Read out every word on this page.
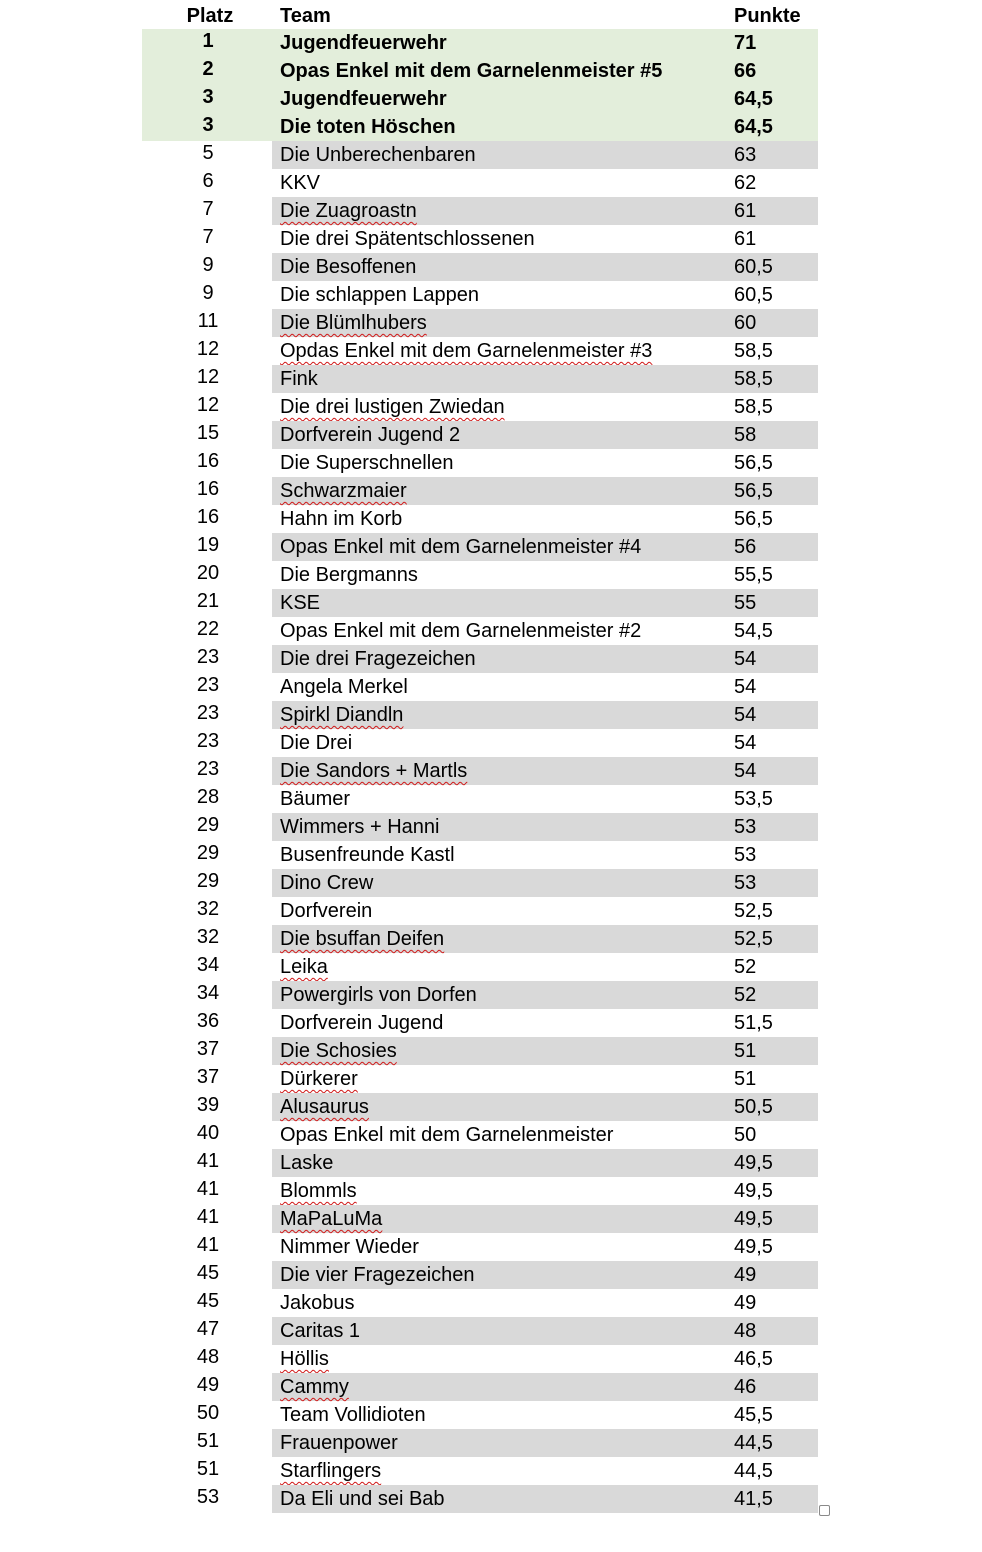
Platz Team	Punkte
1	Jugendfeuerwehr	71
2	Opas Enkel mit dem Garnelenmeister #5	66
3	Jugendfeuerwehr	64,5
3	Die toten Höschen	64,5
5	Die Unberechenbaren	63
6	KKV	62
7	Die Zuagroastn	61
7	Die drei Spätentschlossenen	61
9	Die Besoffenen	60,5
9	Die schlappen Lappen	60,5
11	Die Blümlhubers	60
12	Opdas Enkel mit dem Garnelenmeister #3	58,5
12	Fink	58,5
12	Die drei lustigen Zwiedan	58,5
15	Dorfverein Jugend 2	58
16	Die Superschnellen	56,5
16	Schwarzmaier	56,5
16	Hahn im Korb	56,5
19	Opas Enkel mit dem Garnelenmeister #4	56
20	Die Bergmanns	55,5
21	KSE	55
22	Opas Enkel mit dem Garnelenmeister #2	54,5
23	Die drei Fragezeichen	54
23	Angela Merkel	54
23	Spirkl Diandln	54
23	Die Drei	54
23	Die Sandors + Martls	54
28	Bäumer	53,5
29	Wimmers + Hanni	53
29	Busenfreunde Kastl	53
29	Dino Crew	53
32	Dorfverein	52,5
32	Die bsuffan Deifen	52,5
34	Leika	52
34	Powergirls von Dorfen	52
36	Dorfverein Jugend	51,5
37	Die Schosies	51
37	Dürkerer	51
39	Alusaurus	50,5
40	Opas Enkel mit dem Garnelenmeister	50
41	Laske	49,5
41	Blommls	49,5
41	MaPaLuMa	49,5
41	Nimmer Wieder	49,5
45	Die vier Fragezeichen	49
45	Jakobus	49
47	Caritas 1	48
48	Höllis	46,5
49	Cammy	46
50	Team Vollidioten	45,5
51	Frauenpower	44,5
51	Starflingers	44,5
53	Da Eli und sei Bab	41,5
